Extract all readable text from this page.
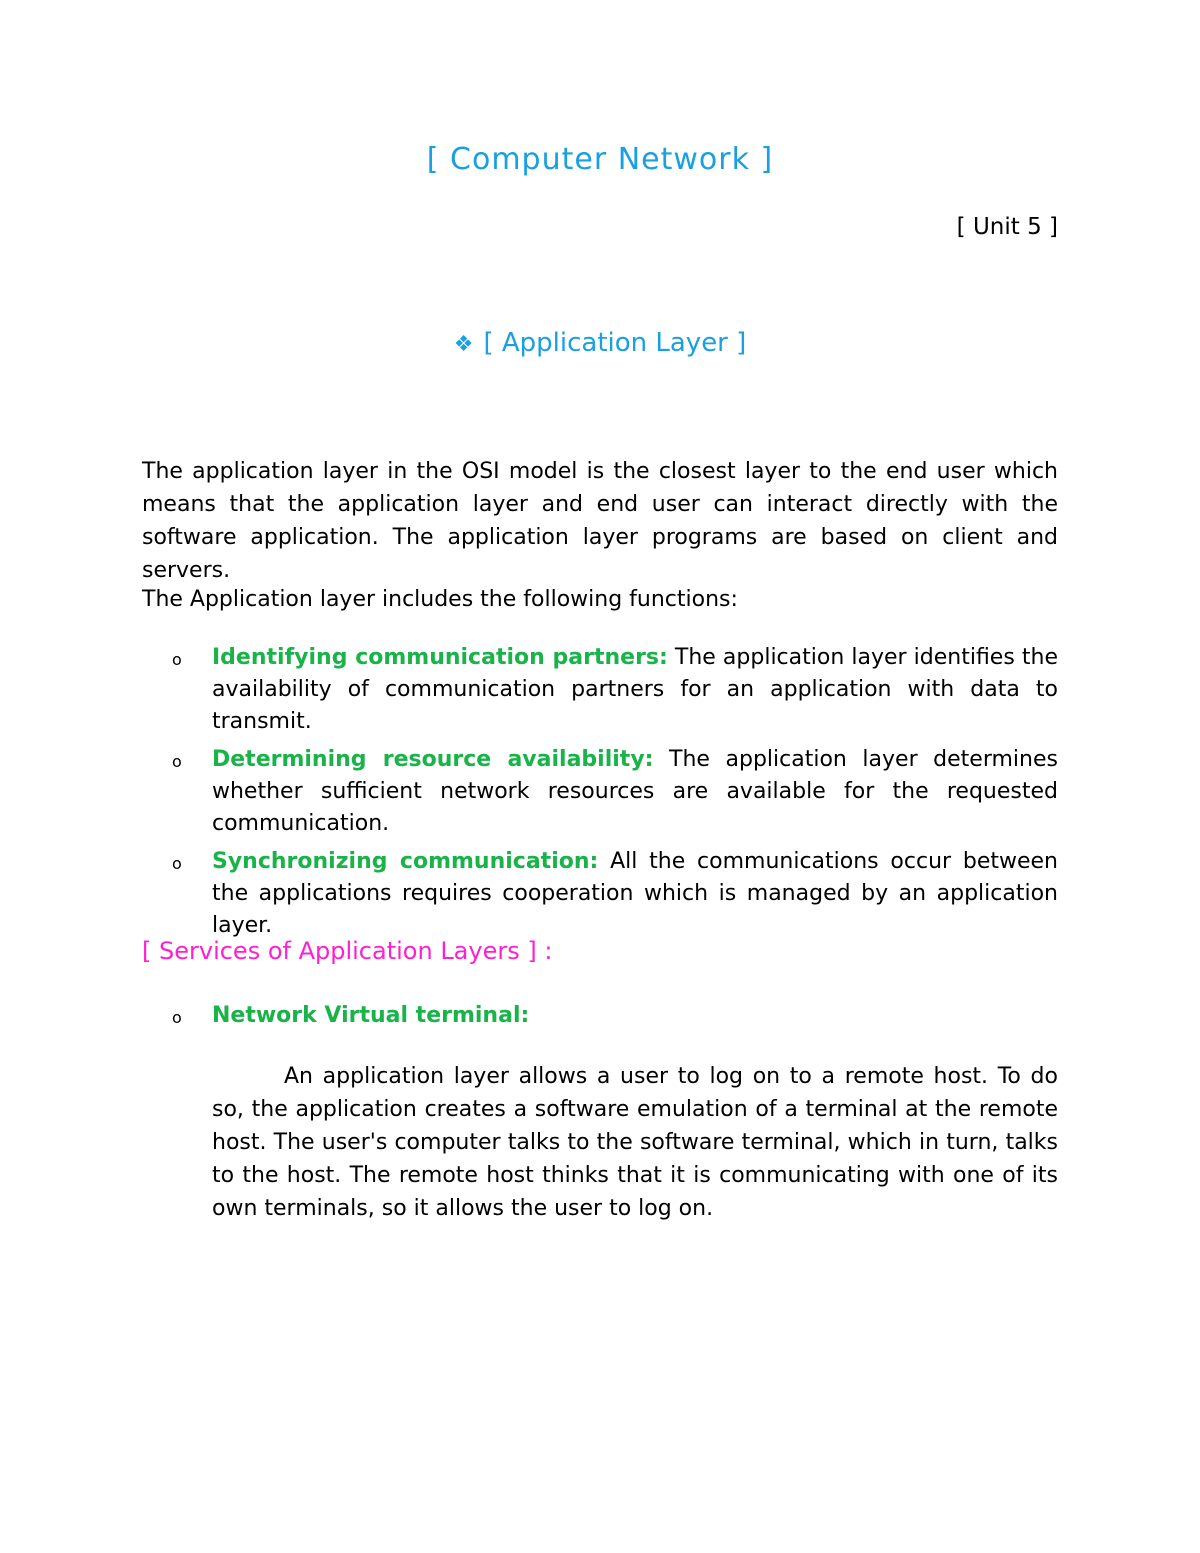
[ Computer Network ]
[ Unit 5 ]
❖ [ Application Layer ]
The application layer in the OSI model is the closest layer to the end user which means that the application layer and end user can interact directly with the software application. The application layer programs are based on client and servers.
The Application layer includes the following functions:
o Identifying communication partners: The application layer identifies the availability of communication partners for an application with data to transmit.
o Determining resource availability: The application layer determines whether sufficient network resources are available for the requested communication.
o Synchronizing communication: All the communications occur between the applications requires cooperation which is managed by an application layer.
[ Services of Application Layers ] :
o	Network Virtual terminal:
An application layer allows a user to log on to a remote host. To do so, the application creates a software emulation of a terminal at the remote host. The user's computer talks to the software terminal, which in turn, talks to the host. The remote host thinks that it is communicating with one of its own terminals, so it allows the user to log on.
